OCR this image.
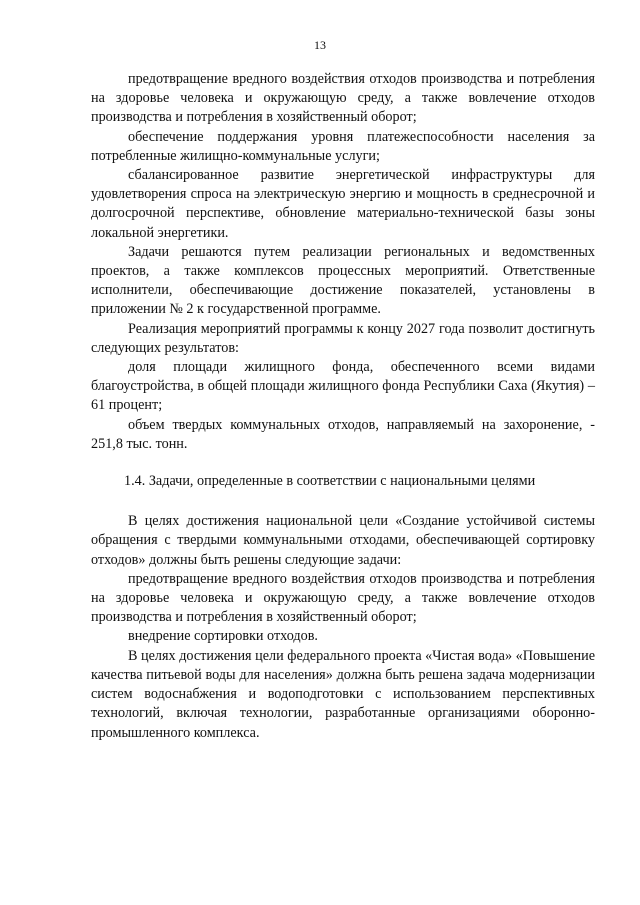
13

предотвращение вредного воздействия отходов производства и потребления на здоровье человека и окружающую среду, а также вовлечение отходов производства и потребления в хозяйственный оборот;

обеспечение поддержания уровня платежеспособности населения за потребленные жилищно-коммунальные услуги;

сбалансированное развитие энергетической инфраструктуры для удовлетворения спроса на электрическую энергию и мощность в среднесрочной и долгосрочной перспективе, обновление материально-технической базы зоны локальной энергетики.

Задачи решаются путем реализации региональных и ведомственных проектов, а также комплексов процессных мероприятий. Ответственные исполнители, обеспечивающие достижение показателей, установлены в приложении № 2 к государственной программе.

Реализация мероприятий программы к концу 2027 года позволит достигнуть следующих результатов:

доля площади жилищного фонда, обеспеченного всеми видами благоустройства, в общей площади жилищного фонда Республики Саха (Якутия) – 61 процент;

объем твердых коммунальных отходов, направляемый на захоронение, - 251,8 тыс. тонн.

1.4. Задачи, определенные в соответствии с национальными целями

В целях достижения национальной цели «Создание устойчивой системы обращения с твердыми коммунальными отходами, обеспечивающей сортировку отходов» должны быть решены следующие задачи:

предотвращение вредного воздействия отходов производства и потребления на здоровье человека и окружающую среду, а также вовлечение отходов производства и потребления в хозяйственный оборот;

внедрение сортировки отходов.

В целях достижения цели федерального проекта «Чистая вода» «Повышение качества питьевой воды для населения» должна быть решена задача модернизации систем водоснабжения и водоподготовки с использованием перспективных технологий, включая технологии, разработанные организациями оборонно-промышленного комплекса.
